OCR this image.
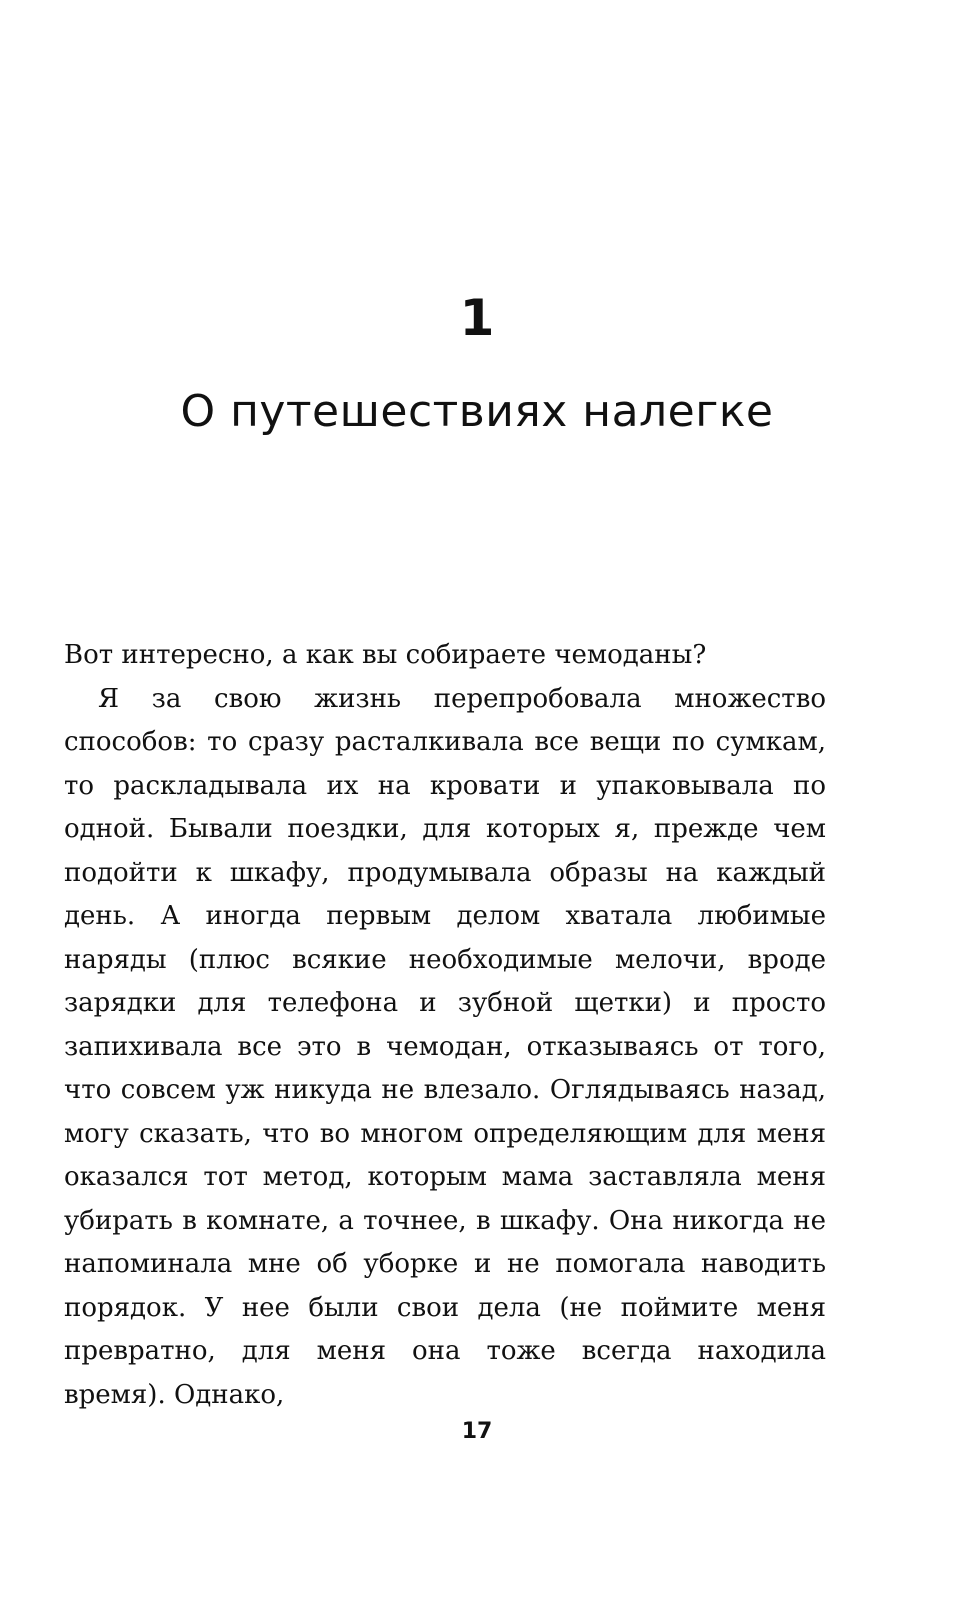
1
О путешествиях налегке

Вот интересно, а как вы собираете чемоданы?

Я за свою жизнь перепробовала множество способов: то сразу расталкивала все вещи по сумкам, то раскладывала их на кровати и упаковывала по одной. Бывали поездки, для которых я, прежде чем подойти к шкафу, продумывала образы на каждый день. А иногда первым делом хватала любимые наряды (плюс всякие необходимые мелочи, вроде зарядки для телефона и зубной щетки) и просто запихивала все это в чемодан, отказываясь от того, что совсем уж никуда не влезало. Оглядываясь назад, могу сказать, что во многом определяющим для меня оказался тот метод, которым мама заставляла меня убирать в комнате, а точнее, в шкафу. Она никогда не напоминала мне об уборке и не помогала наводить порядок. У нее были свои дела (не поймите меня превратно, для меня она тоже всегда находила время). Однако,

17
